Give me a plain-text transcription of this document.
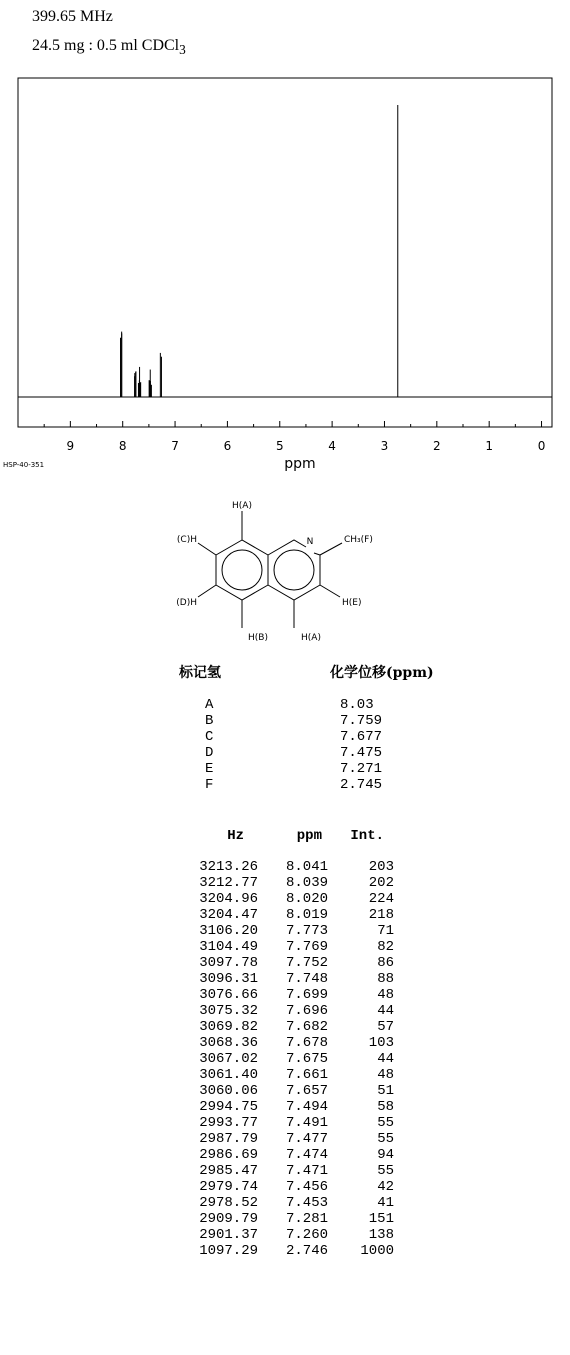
399.65 MHz
24.5 mg : 0.5 ml CDCl$_3$
9	8	7	6	5	4	3	2	1	0
HSP-40-351	ppm
H(A)
(C)H
(D)H
H(B)	H(A)
H(E)
CH₃(F)
N
标记氢	化学位移(ppm)
A	8.03
B	7.759
C	7.677
D	7.475
E	7.271
F	2.745
Hz	ppm	Int.
3213.26	8.041	203
3212.77	8.039	202
3204.96	8.020	224
3204.47	8.019	218
3106.20	7.773	71
3104.49	7.769	82
3097.78	7.752	86
3096.31	7.748	88
3076.66	7.699	48
3075.32	7.696	44
3069.82	7.682	57
3068.36	7.678	103
3067.02	7.675	44
3061.40	7.661	48
3060.06	7.657	51
2994.75	7.494	58
2993.77	7.491	55
2987.79	7.477	55
2986.69	7.474	94
2985.47	7.471	55
2979.74	7.456	42
2978.52	7.453	41
2909.79	7.281	151
2901.37	7.260	138
1097.29	2.746	1000
